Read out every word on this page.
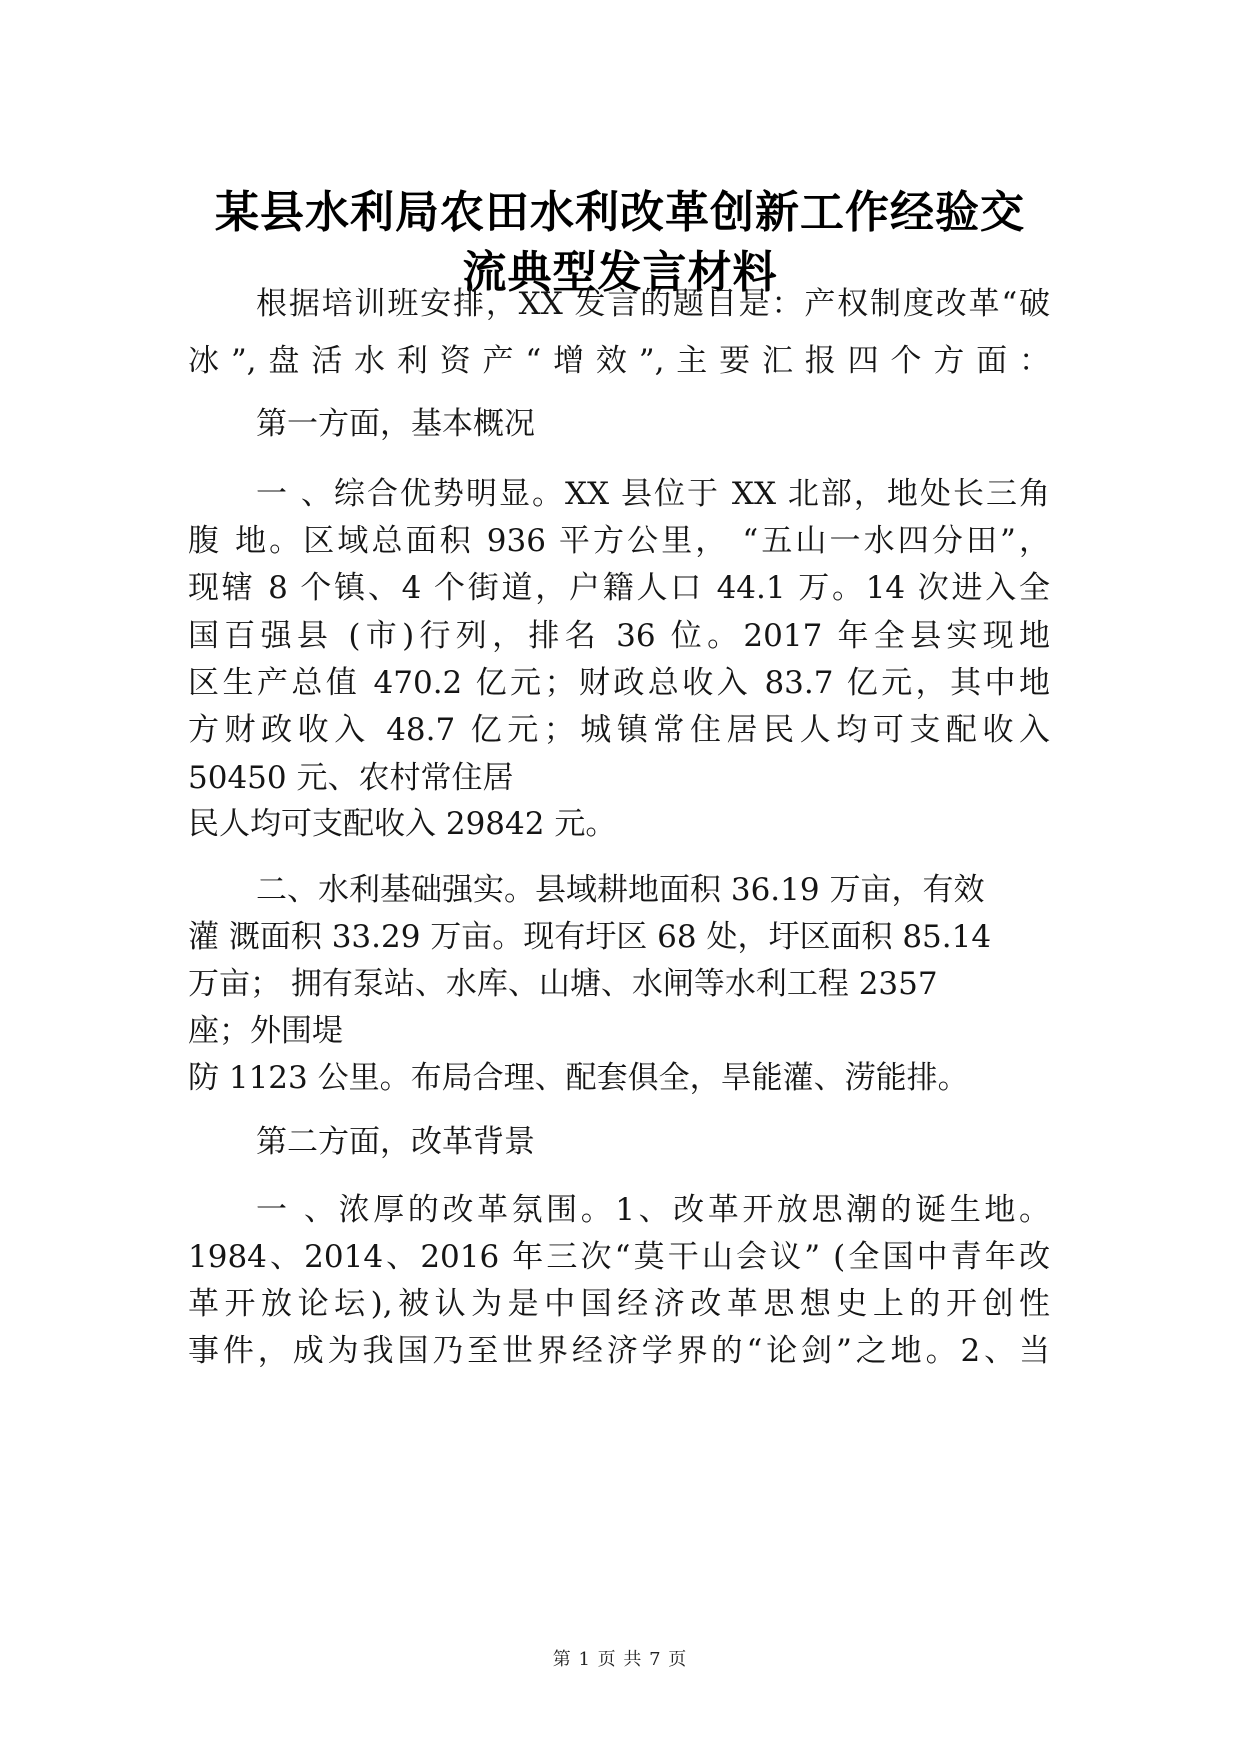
某县水利局农田水利改革创新工作经验交
流典型发言材料

根据培训班安排，XX 发言的题目是：产权制度改革“破

冰”,盘活水利资产“增效”,主要汇报四个方面：

第一方面，基本概况

一 、综合优势明显。XX 县位于 XX 北部，地处长三角

腹 地。区域总面积 936 平方公里， “五山一水四分田”，

现辖 8 个镇、4 个街道，户籍人口 44.1 万。14 次进入全

国百强县 (市)行列，排名 36 位。2017 年全县实现地

区生产总值 470.2 亿元；财政总收入 83.7 亿元，其中地

方财政收入 48.7 亿元；城镇常住居民人均可支配收入

50450 元、农村常住居

民人均可支配收入 29842 元。

二、水利基础强实。县域耕地面积 36.19 万亩，有效

灌 溉面积 33.29 万亩。现有圩区 68 处，圩区面积 85.14

万亩； 拥有泵站、水库、山塘、水闸等水利工程 2357

座；外围堤

防 1123 公里。布局合理、配套俱全，旱能灌、涝能排。

第二方面，改革背景

一 、浓厚的改革氛围。1、改革开放思潮的诞生地。

1984、2014、2016 年三次“莫干山会议” (全国中青年改

革开放论坛),被认为是中国经济改革思想史上的开创性

事件，成为我国乃至世界经济学界的“论剑”之地。2、当

第 1 页 共 7 页
